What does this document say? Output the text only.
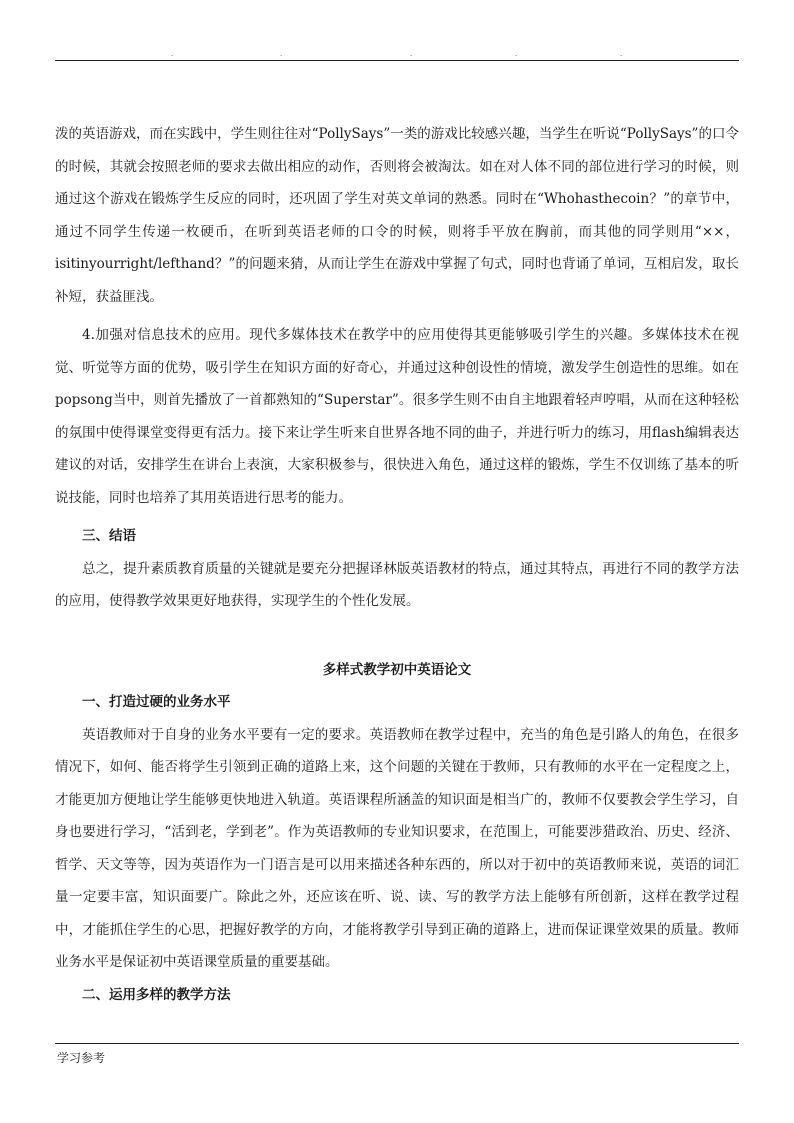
.	.	.	.	.

泼的英语游戏，而在实践中，学生则往往对“PollySays”一类的游戏比较感兴趣，当学生在听说“PollySays”的口令的时候，其就会按照老师的要求去做出相应的动作，否则将会被淘汰。如在对人体不同的部位进行学习的时候，则通过这个游戏在锻炼学生反应的同时，还巩固了学生对英文单词的熟悉。同时在“Whohasthecoin？”的章节中，通过不同学生传递一枚硬币，在听到英语老师的口令的时候，则将手平放在胸前，而其他的同学则用“××，isitinyourright/lefthand？”的问题来猜，从而让学生在游戏中掌握了句式，同时也背诵了单词，互相启发，取长补短，获益匪浅。

4.加强对信息技术的应用。现代多媒体技术在教学中的应用使得其更能够吸引学生的兴趣。多媒体技术在视觉、听觉等方面的优势，吸引学生在知识方面的好奇心，并通过这种创设性的情境，激发学生创造性的思维。如在popsong当中，则首先播放了一首都熟知的“Superstar”。很多学生则不由自主地跟着轻声哼唱，从而在这种轻松的氛围中使得课堂变得更有活力。接下来让学生听来自世界各地不同的曲子，并进行听力的练习，用flash编辑表达建议的对话，安排学生在讲台上表演，大家积极参与，很快进入角色，通过这样的锻炼，学生不仅训练了基本的听说技能，同时也培养了其用英语进行思考的能力。

三、结语

总之，提升素质教育质量的关键就是要充分把握译林版英语教材的特点，通过其特点，再进行不同的教学方法的应用，使得教学效果更好地获得，实现学生的个性化发展。

多样式教学初中英语论文

一、打造过硬的业务水平

英语教师对于自身的业务水平要有一定的要求。英语教师在教学过程中，充当的角色是引路人的角色，在很多情况下，如何、能否将学生引领到正确的道路上来，这个问题的关键在于教师，只有教师的水平在一定程度之上，才能更加方便地让学生能够更快地进入轨道。英语课程所涵盖的知识面是相当广的，教师不仅要教会学生学习，自身也要进行学习，“活到老，学到老”。作为英语教师的专业知识要求，在范围上，可能要涉猎政治、历史、经济、哲学、天文等等，因为英语作为一门语言是可以用来描述各种东西的，所以对于初中的英语教师来说，英语的词汇量一定要丰富，知识面要广。除此之外，还应该在听、说、读、写的教学方法上能够有所创新，这样在教学过程中，才能抓住学生的心思，把握好教学的方向，才能将教学引导到正确的道路上，进而保证课堂效果的质量。教师业务水平是保证初中英语课堂质量的重要基础。

二、运用多样的教学方法

学习参考
